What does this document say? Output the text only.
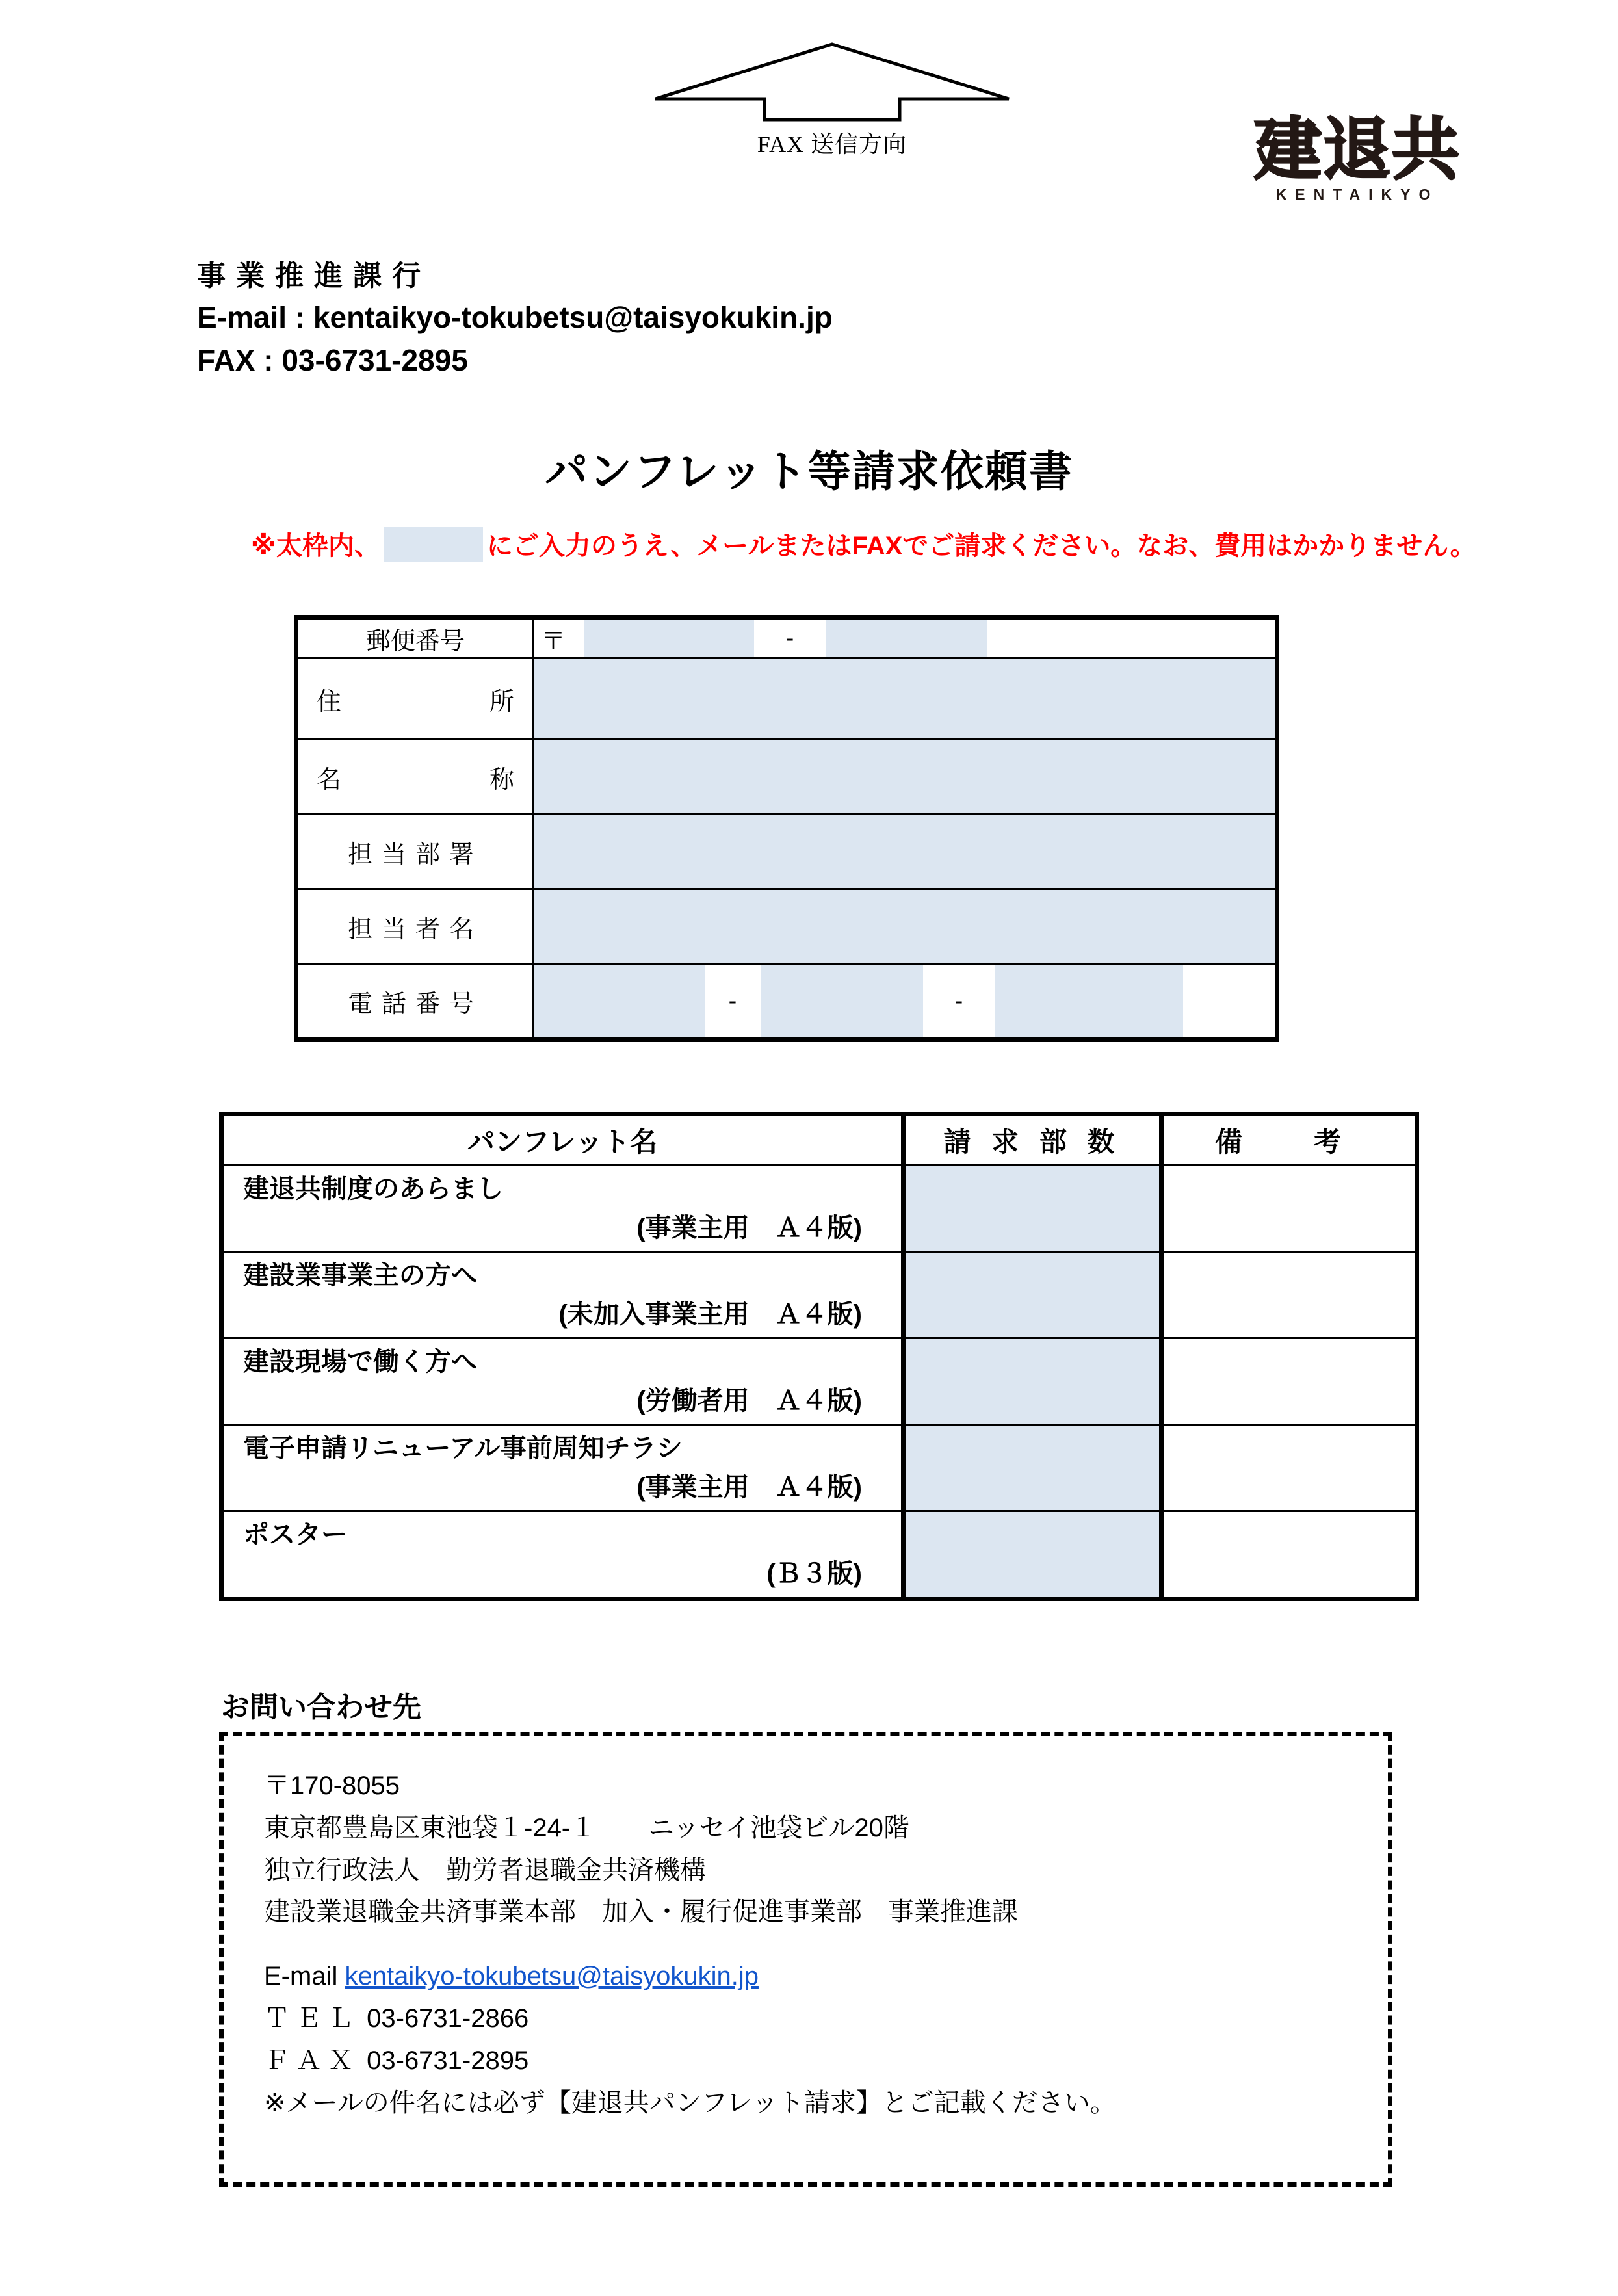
FAX 送信方向	建退共
KENTAIKYO
事業推進課行
E-mail : kentaikyo-tokubetsu@taisyokukin.jp
FAX : 03-6731-2895
パンフレット等請求依頼書
※太枠内、	にご入力のうえ、メールまたはFAXでご請求ください。なお、費用はかかりません。
郵便番号	〒 -

住所	

名称	

担当部署	
担当者名	
電話番号	- -
パンフレット名	請 求 部 数	備　考

建退共制度のあらまし
(事業主用　Ａ４版)		

建設業事業主の方へ
(未加入事業主用　Ａ４版)		

建設現場で働く方へ
(労働者用　Ａ４版)		

電子申請リニューアル事前周知チラシ
(事業主用　Ａ４版)		

ポスター
(Ｂ３版)		

お問い合わせ先
〒170-8055
東京都豊島区東池袋１‐24‐１　　ニッセイ池袋ビル20階
独立行政法人　勤労者退職金共済機構
建設業退職金共済事業本部　加入・履行促進事業部　事業推進課
E-mail kentaikyo-tokubetsu@taisyokukin.jp
ＴＥＬ 03-6731-2866
ＦＡＸ 03-6731-2895
※メールの件名には必ず【建退共パンフレット請求】とご記載ください。
